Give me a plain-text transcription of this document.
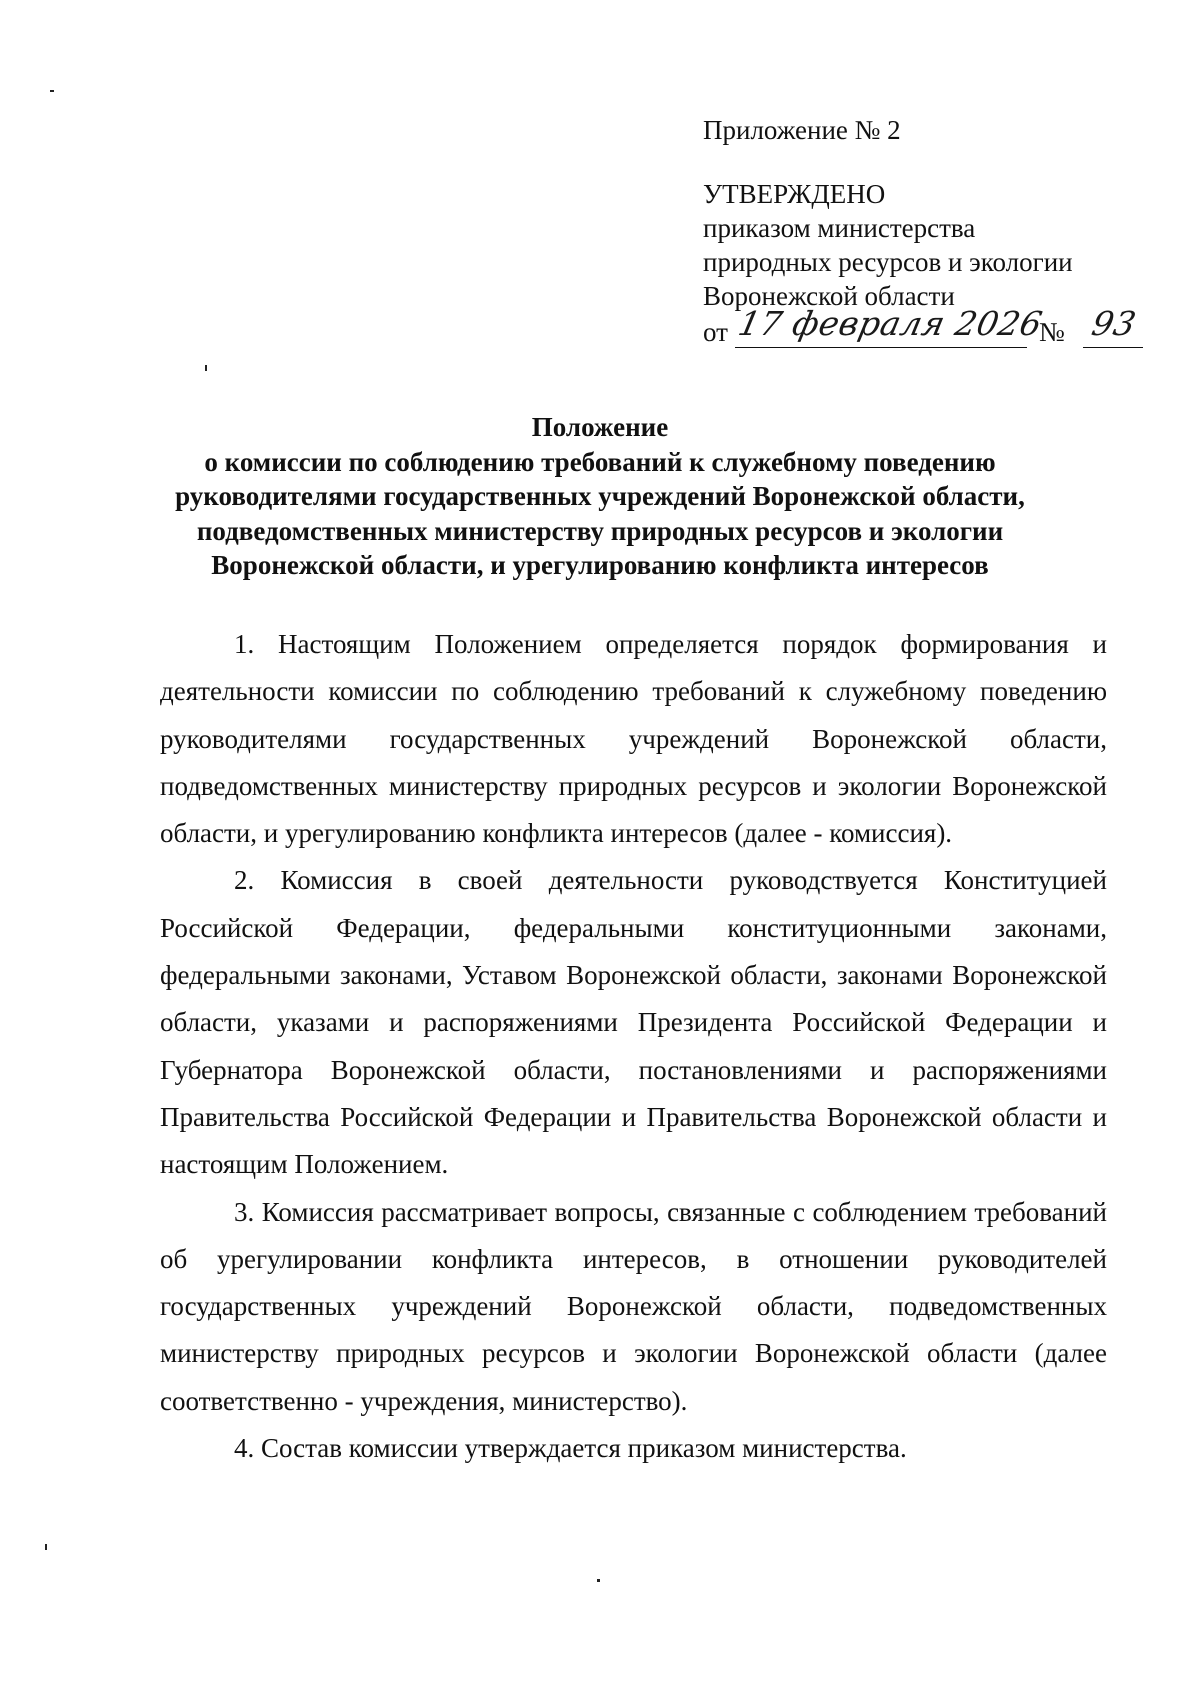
Приложение № 2
УТВЕРЖДЕНО
приказом министерства
природных ресурсов и экологии
Воронежской области
от 17 февраля 2026
№ 93
Положение
о комиссии по соблюдению требований к служебному поведению
руководителями государственных учреждений Воронежской области,
подведомственных министерству природных ресурсов и экологии
Воронежской области, и урегулированию конфликта интересов

1. Настоящим Положением определяется порядок формирования и деятельности комиссии по соблюдению требований к служебному поведению руководителями государственных учреждений Воронежской области, подведомственных министерству природных ресурсов и экологии Воронежской области, и урегулированию конфликта интересов (далее - комиссия).

2. Комиссия в своей деятельности руководствуется Конституцией Российской Федерации, федеральными конституционными законами, федеральными законами, Уставом Воронежской области, законами Воронежской области, указами и распоряжениями Президента Российской Федерации и Губернатора Воронежской области, постановлениями и распоряжениями Правительства Российской Федерации и Правительства Воронежской области и настоящим Положением.

3. Комиссия рассматривает вопросы, связанные с соблюдением требований об урегулировании конфликта интересов, в отношении руководителей государственных учреждений Воронежской области, подведомственных министерству природных ресурсов и экологии Воронежской области (далее соответственно - учреждения, министерство).

4. Состав комиссии утверждается приказом министерства.
